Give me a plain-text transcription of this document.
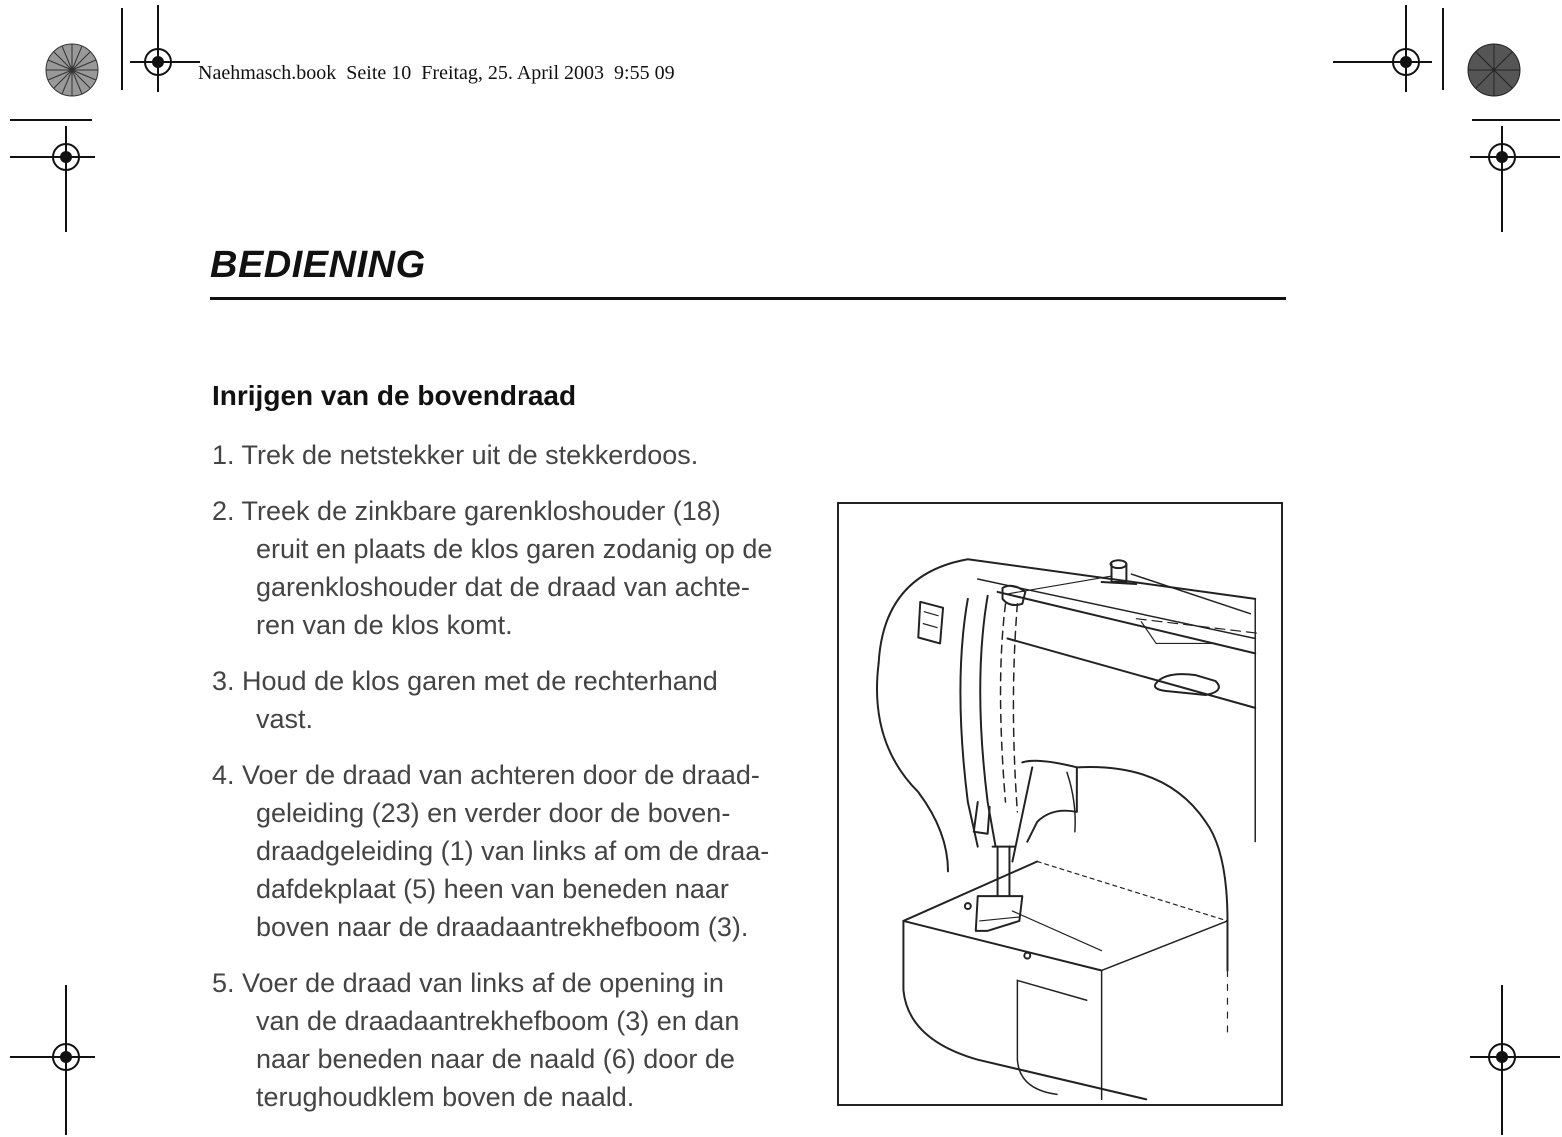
Naehmasch.book  Seite 10  Freitag, 25. April 2003  9:55 09
BEDIENING
Inrijgen van de bovendraad
1. Trek de netstekker uit de stekkerdoos.
2. Treek de zinkbare garenkloshouder (18)
eruit en plaats de klos garen zodanig op de
garenkloshouder dat de draad van achte-
ren van de klos komt.
3. Houd de klos garen met de rechterhand
vast.
4. Voer de draad van achteren door de draad-
geleiding (23) en verder door de boven-
draadgeleiding (1) van links af om de draa-
dafdekplaat (5) heen van beneden naar
boven naar de draadaantrekhefboom (3).
5. Voer de draad van links af de opening in
van de draadaantrekhefboom (3) en dan
naar beneden naar de naald (6) door de
terughoudklem boven de naald.
